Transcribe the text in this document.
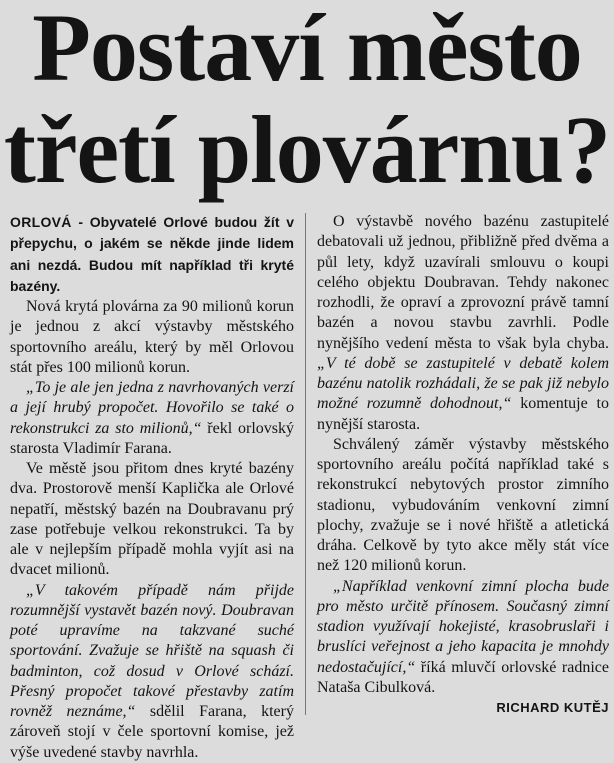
Postaví město
třetí plovárnu?

ORLOVÁ - Obyvatelé Orlové budou žít v přepychu, o jakém se někde jinde lidem ani nezdá. Budou mít například tři kryté bazény.

Nová krytá plovárna za 90 milionů korun je jednou z akcí výstavby městského sportovního areálu, který by měl Orlovou stát přes 100 milionů korun.

„To je ale jen jedna z navrhovaných verzí a její hrubý propočet. Hovořilo se také o rekonstrukci za sto milionů,“ řekl orlovský starosta Vladimír Farana.

Ve městě jsou přitom dnes kryté bazény dva. Prostorově menší Kaplička ale Orlové nepatří, městský bazén na Doubravanu prý zase potřebuje velkou rekonstrukci. Ta by ale v nejlepším případě mohla vyjít asi na dvacet milionů.

„V takovém případě nám přijde rozumnější vystavět bazén nový. Doubravan poté upravíme na takzvané suché sportování. Zvažuje se hřiště na squash či badminton, což dosud v Orlové schází. Přesný propočet takové přestavby zatím rovněž neznáme,“ sdělil Farana, který zároveň stojí v čele sportovní komise, jež výše uvedené stavby navrhla.

O výstavbě nového bazénu zastupitelé debatovali už jednou, přibližně před dvěma a půl lety, když uzavírali smlouvu o koupi celého objektu Doubravan. Tehdy nakonec rozhodli, že opraví a zprovozní právě tamní bazén a novou stavbu zavrhli. Podle nynějšího vedení města to však byla chyba. „V té době se zastupitelé v debatě kolem bazénu natolik rozhádali, že se pak již nebylo možné rozumně dohodnout,“ komentuje to nynější starosta.

Schválený záměr výstavby městského sportovního areálu počítá například také s rekonstrukcí nebytových prostor zimního stadionu, vybudováním venkovní zimní plochy, zvažuje se i nové hřiště a atletická dráha. Celkově by tyto akce měly stát více než 120 milionů korun.

„Například venkovní zimní plocha bude pro město určitě přínosem. Současný zimní stadion využívají hokejisté, krasobruslaři i bruslíci veřejnost a jeho kapacita je mnohdy nedostačující,“ říká mluvčí orlovské radnice Nataša Cibulková.

RICHARD KUTĚJ
